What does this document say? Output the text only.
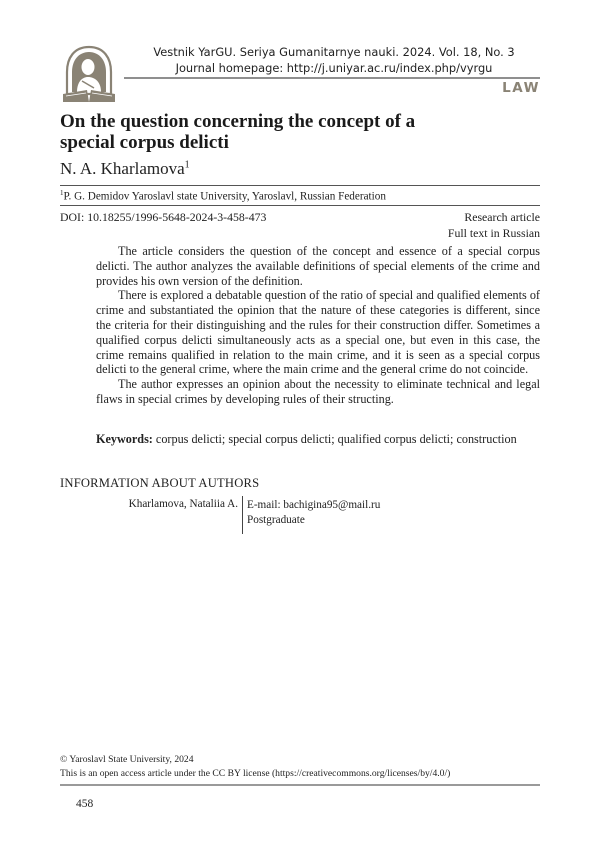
Vestnik YarGU. Seriya Gumanitarnye nauki. 2024. Vol. 18, No. 3
Journal homepage: http://j.uniyar.ac.ru/index.php/vyrgu
LAW
On the question concerning the concept of a special corpus delicti
N. A. Kharlamova$^1$
$^1$P. G. Demidov Yaroslavl state University, Yaroslavl, Russian Federation
DOI: 10.18255/1996-5648-2024-3-458-473	Research article
Full text in Russian

The article considers the question of the concept and essence of a special corpus delicti. The author analyzes the available definitions of special elements of the crime and provides his own version of the definition.

There is explored a debatable question of the ratio of special and qualified elements of crime and substantiated the opinion that the nature of these categories is different, since the criteria for their distinguishing and the rules for their construction differ. Sometimes a qualified corpus delicti simultaneously acts as a special one, but even in this case, the crime remains qualified in relation to the main crime, and it is seen as a special corpus delicti to the general crime, where the main crime and the general crime do not coincide.

The author expresses an opinion about the necessity to eliminate technical and legal flaws in special crimes by developing rules of their structing.

Keywords: corpus delicti; special corpus delicti; qualified corpus delicti; construction
INFORMATION ABOUT AUTHORS
Kharlamova, Nataliia A. E-mail: bachigina95@mail.ru
Postgraduate
© Yaroslavl State University, 2024
This is an open access article under the CC BY license (https://creativecommons.org/licenses/by/4.0/)
458
